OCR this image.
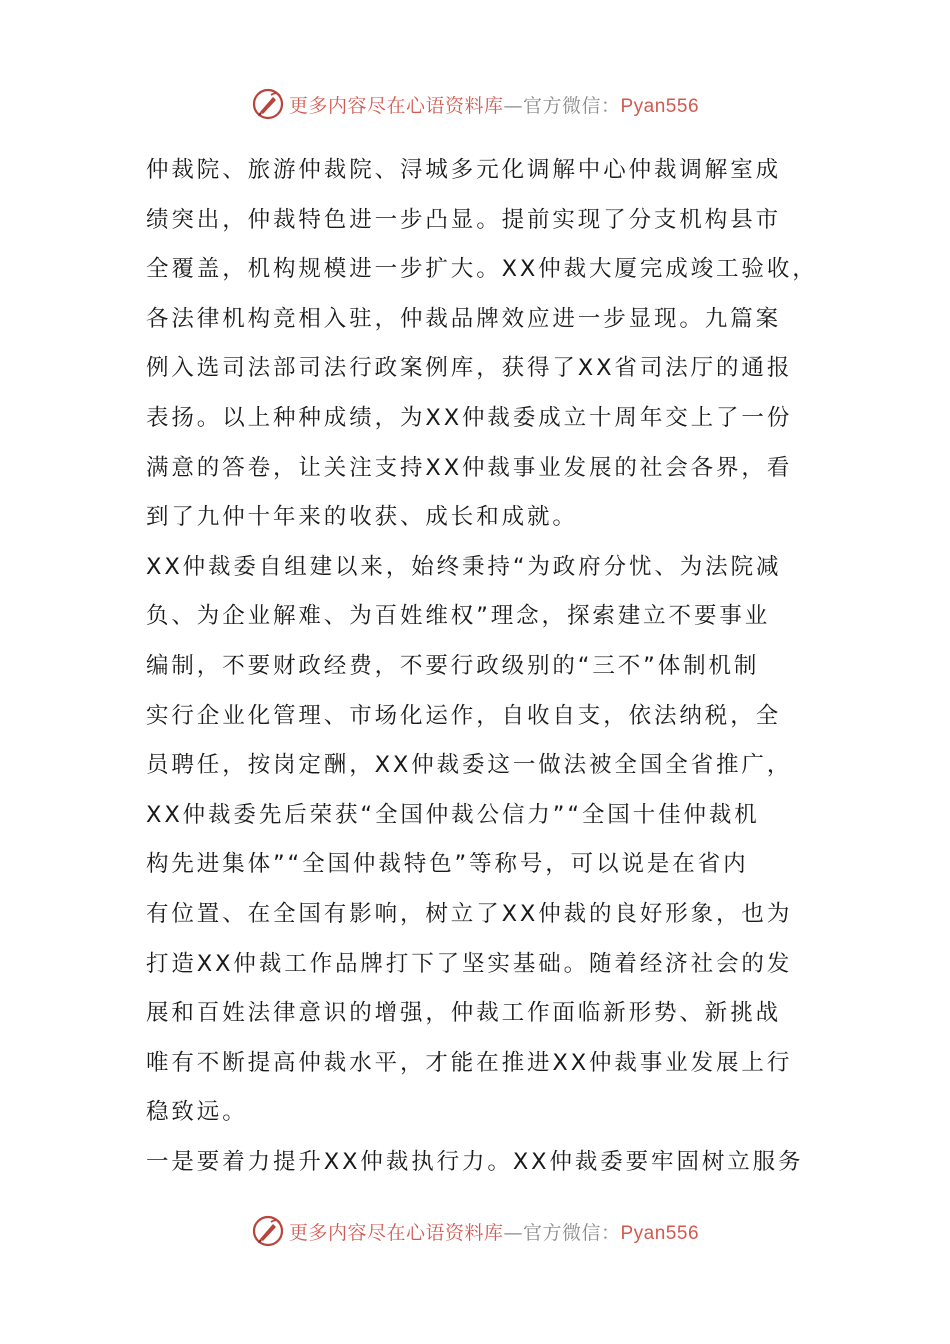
更多内容尽在心语资料库—官方微信：Pyan556
仲裁院、旅游仲裁院、浔城多元化调解中心仲裁调解室成
绩突出，仲裁特色进一步凸显。提前实现了分支机构县市
全覆盖，机构规模进一步扩大。XX仲裁大厦完成竣工验收，
各法律机构竞相入驻，仲裁品牌效应进一步显现。九篇案
例入选司法部司法行政案例库，获得了XX省司法厅的通报
表扬。以上种种成绩，为XX仲裁委成立十周年交上了一份
满意的答卷，让关注支持XX仲裁事业发展的社会各界，看
到了九仲十年来的收获、成长和成就。
XX仲裁委自组建以来，始终秉持“为政府分忧、为法院减
负、为企业解难、为百姓维权”理念，探索建立不要事业
编制，不要财政经费，不要行政级别的“三不”体制机制
实行企业化管理、市场化运作，自收自支，依法纳税，全
员聘任，按岗定酬，XX仲裁委这一做法被全国全省推广，
XX仲裁委先后荣获“全国仲裁公信力”“全国十佳仲裁机
构先进集体”“全国仲裁特色”等称号，可以说是在省内
有位置、在全国有影响，树立了XX仲裁的良好形象，也为
打造XX仲裁工作品牌打下了坚实基础。随着经济社会的发
展和百姓法律意识的增强，仲裁工作面临新形势、新挑战
唯有不断提高仲裁水平，才能在推进XX仲裁事业发展上行
稳致远。
一是要着力提升XX仲裁执行力。XX仲裁委要牢固树立服务
更多内容尽在心语资料库—官方微信：Pyan556
